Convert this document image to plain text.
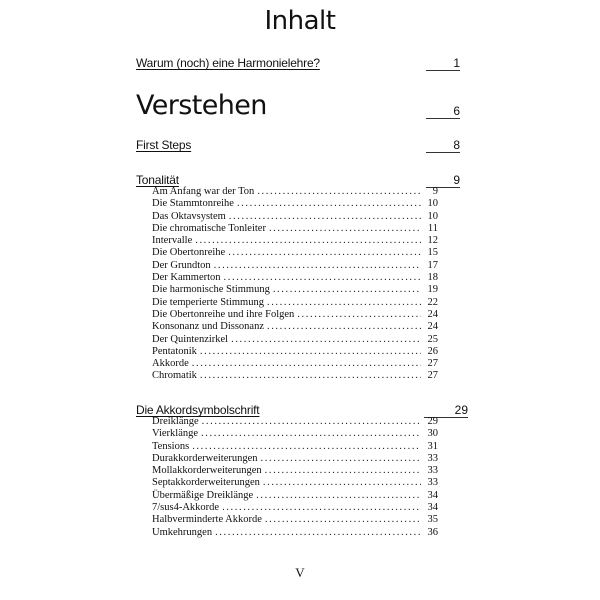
Inhalt
Warum (noch) eine Harmonielehre?	1
Verstehen	6
First Steps	8
Tonalität	9
Am Anfang war der Ton .....	9
Die Stammtonreihe .....	10
Das Oktavsystem .....	10
Die chromatische Tonleiter .....	11
Intervalle .....	12
Die Obertonreihe .....	15
Der Grundton .....	17
Der Kammerton .....	18
Die harmonische Stimmung .....	19
Die temperierte Stimmung .....	22
Die Obertonreihe und ihre Folgen .....	24
Konsonanz und Dissonanz .....	24
Der Quintenzirkel .....	25
Pentatonik .....	26
Akkorde .....	27
Chromatik .....	27
Die Akkordsymbolschrift	29
Dreiklänge .....	29
Vierklänge .....	30
Tensions .....	31
Durakkorderweiterungen .....	33
Mollakkorderweiterungen .....	33
Septakkorderweiterungen .....	33
Übermäßige Dreiklänge .....	34
7/sus4-Akkorde .....	34
Halbverminderte Akkorde .....	35
Umkehrungen .....	36
V
